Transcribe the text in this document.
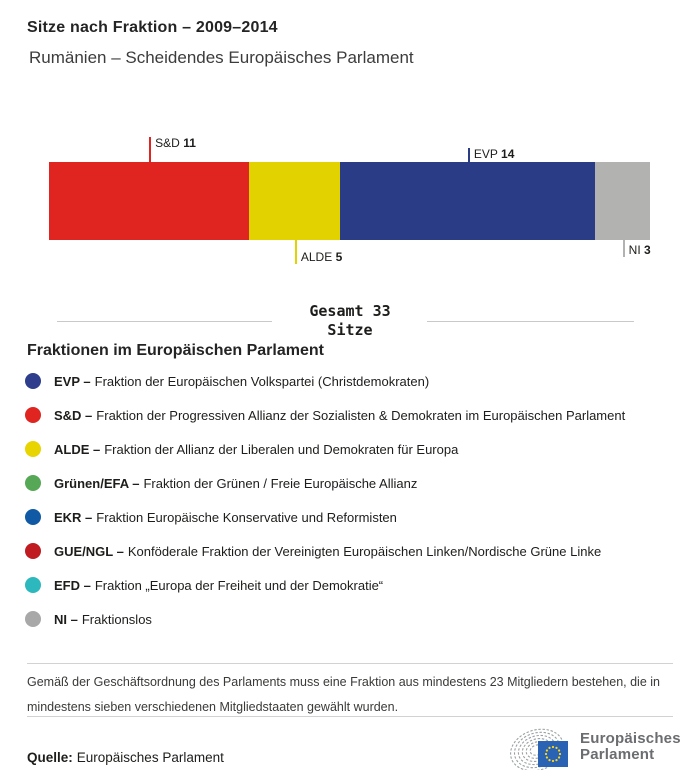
Sitze nach Fraktion – 2009–2014
Rumänien – Scheidendes Europäisches Parlament
Gesamt 33
Sitze
S&D 11
ALDE 5
EVP 14
NI 3
Fraktionen im Europäischen Parlament
EVP – Fraktion der Europäischen Volkspartei (Christdemokraten)
S&D – Fraktion der Progressiven Allianz der Sozialisten & Demokraten im Europäischen Parlament
ALDE – Fraktion der Allianz der Liberalen und Demokraten für Europa
Grünen/EFA – Fraktion der Grünen / Freie Europäische Allianz
EKR – Fraktion Europäische Konservative und Reformisten
GUE/NGL – Konföderale Fraktion der Vereinigten Europäischen Linken/Nordische Grüne Linke
EFD – Fraktion „Europa der Freiheit und der Demokratie“
NI – Fraktionslos
Gemäß der Geschäftsordnung des Parlaments muss eine Fraktion aus mindestens 23 Mitgliedern bestehen, die in mindestens sieben verschiedenen Mitgliedstaaten gewählt wurden.
Quelle: Europäisches Parlament
Europäisches
Parlament
